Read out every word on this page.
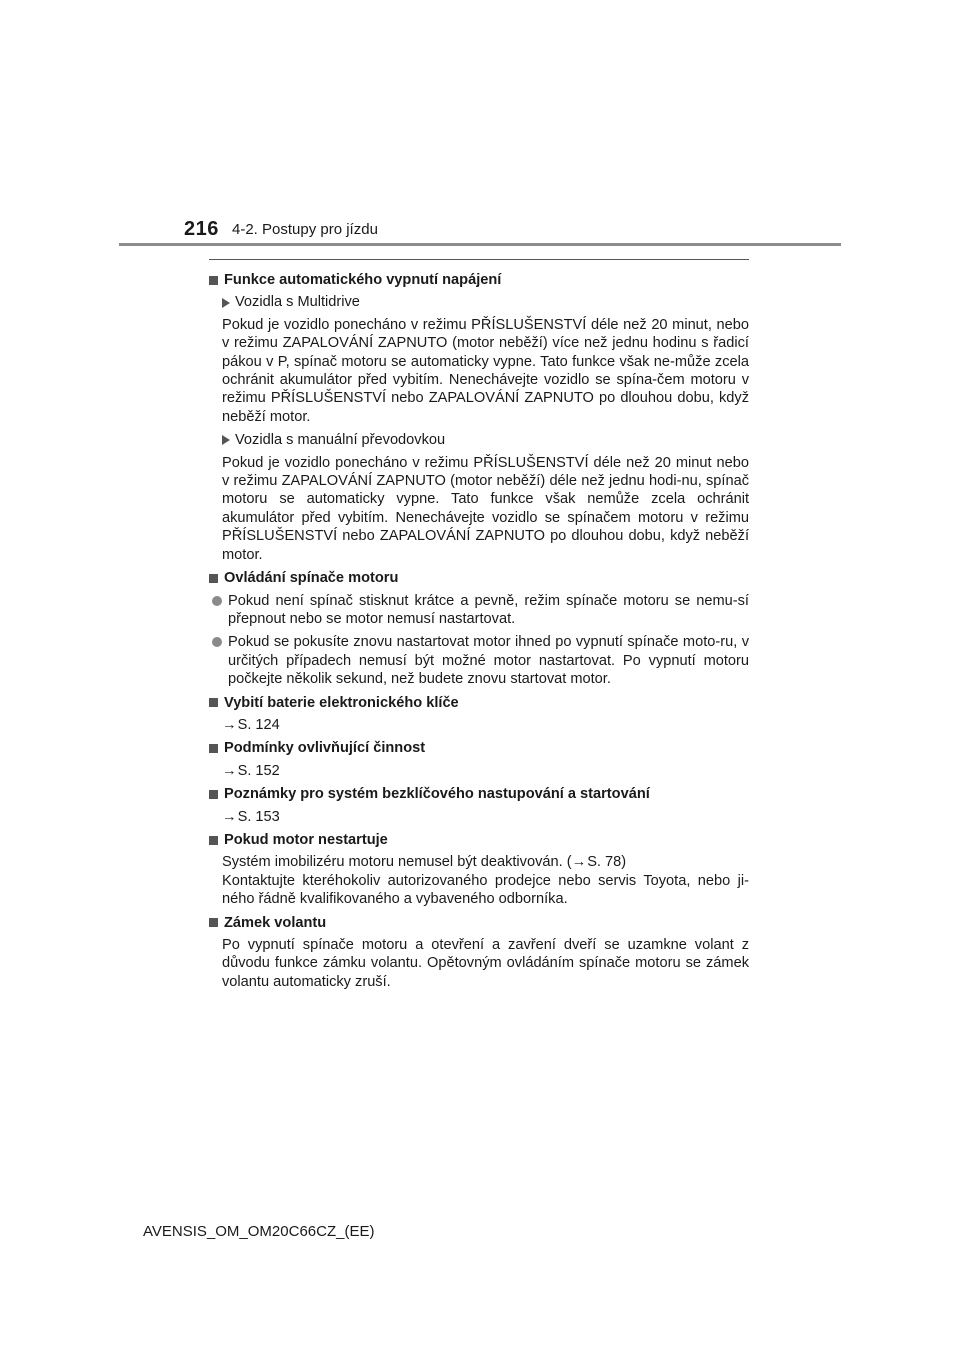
216 4-2. Postupy pro jízdu
Funkce automatického vypnutí napájení
Vozidla s Multidrive
Pokud je vozidlo ponecháno v režimu PŘÍSLUŠENSTVÍ déle než 20 minut, nebo v režimu ZAPALOVÁNÍ ZAPNUTO (motor neběží) více než jednu hodinu s řadicí pákou v P, spínač motoru se automaticky vypne. Tato funkce však ne-může zcela ochránit akumulátor před vybitím. Nenechávejte vozidlo se spína-čem motoru v režimu PŘÍSLUŠENSTVÍ nebo ZAPALOVÁNÍ ZAPNUTO po dlouhou dobu, když neběží motor.
Vozidla s manuální převodovkou
Pokud je vozidlo ponecháno v režimu PŘÍSLUŠENSTVÍ déle než 20 minut nebo v režimu ZAPALOVÁNÍ ZAPNUTO (motor neběží) déle než jednu hodi-nu, spínač motoru se automaticky vypne. Tato funkce však nemůže zcela ochránit akumulátor před vybitím. Nenechávejte vozidlo se spínačem motoru v režimu PŘÍSLUŠENSTVÍ nebo ZAPALOVÁNÍ ZAPNUTO po dlouhou dobu, když neběží motor.
Ovládání spínače motoru
Pokud není spínač stisknut krátce a pevně, režim spínače motoru se nemu-sí přepnout nebo se motor nemusí nastartovat.
Pokud se pokusíte znovu nastartovat motor ihned po vypnutí spínače moto-ru, v určitých případech nemusí být možné motor nastartovat. Po vypnutí motoru počkejte několik sekund, než budete znovu startovat motor.
Vybití baterie elektronického klíče
→S. 124
Podmínky ovlivňující činnost
→S. 152
Poznámky pro systém bezklíčového nastupování a startování
→S. 153
Pokud motor nestartuje
Systém imobilizéru motoru nemusel být deaktivován. (→S. 78)
Kontaktujte kteréhokoliv autorizovaného prodejce nebo servis Toyota, nebo ji-ného řádně kvalifikovaného a vybaveného odborníka.
Zámek volantu
Po vypnutí spínače motoru a otevření a zavření dveří se uzamkne volant z důvodu funkce zámku volantu. Opětovným ovládáním spínače motoru se zámek volantu automaticky zruší.
AVENSIS_OM_OM20C66CZ_(EE)
